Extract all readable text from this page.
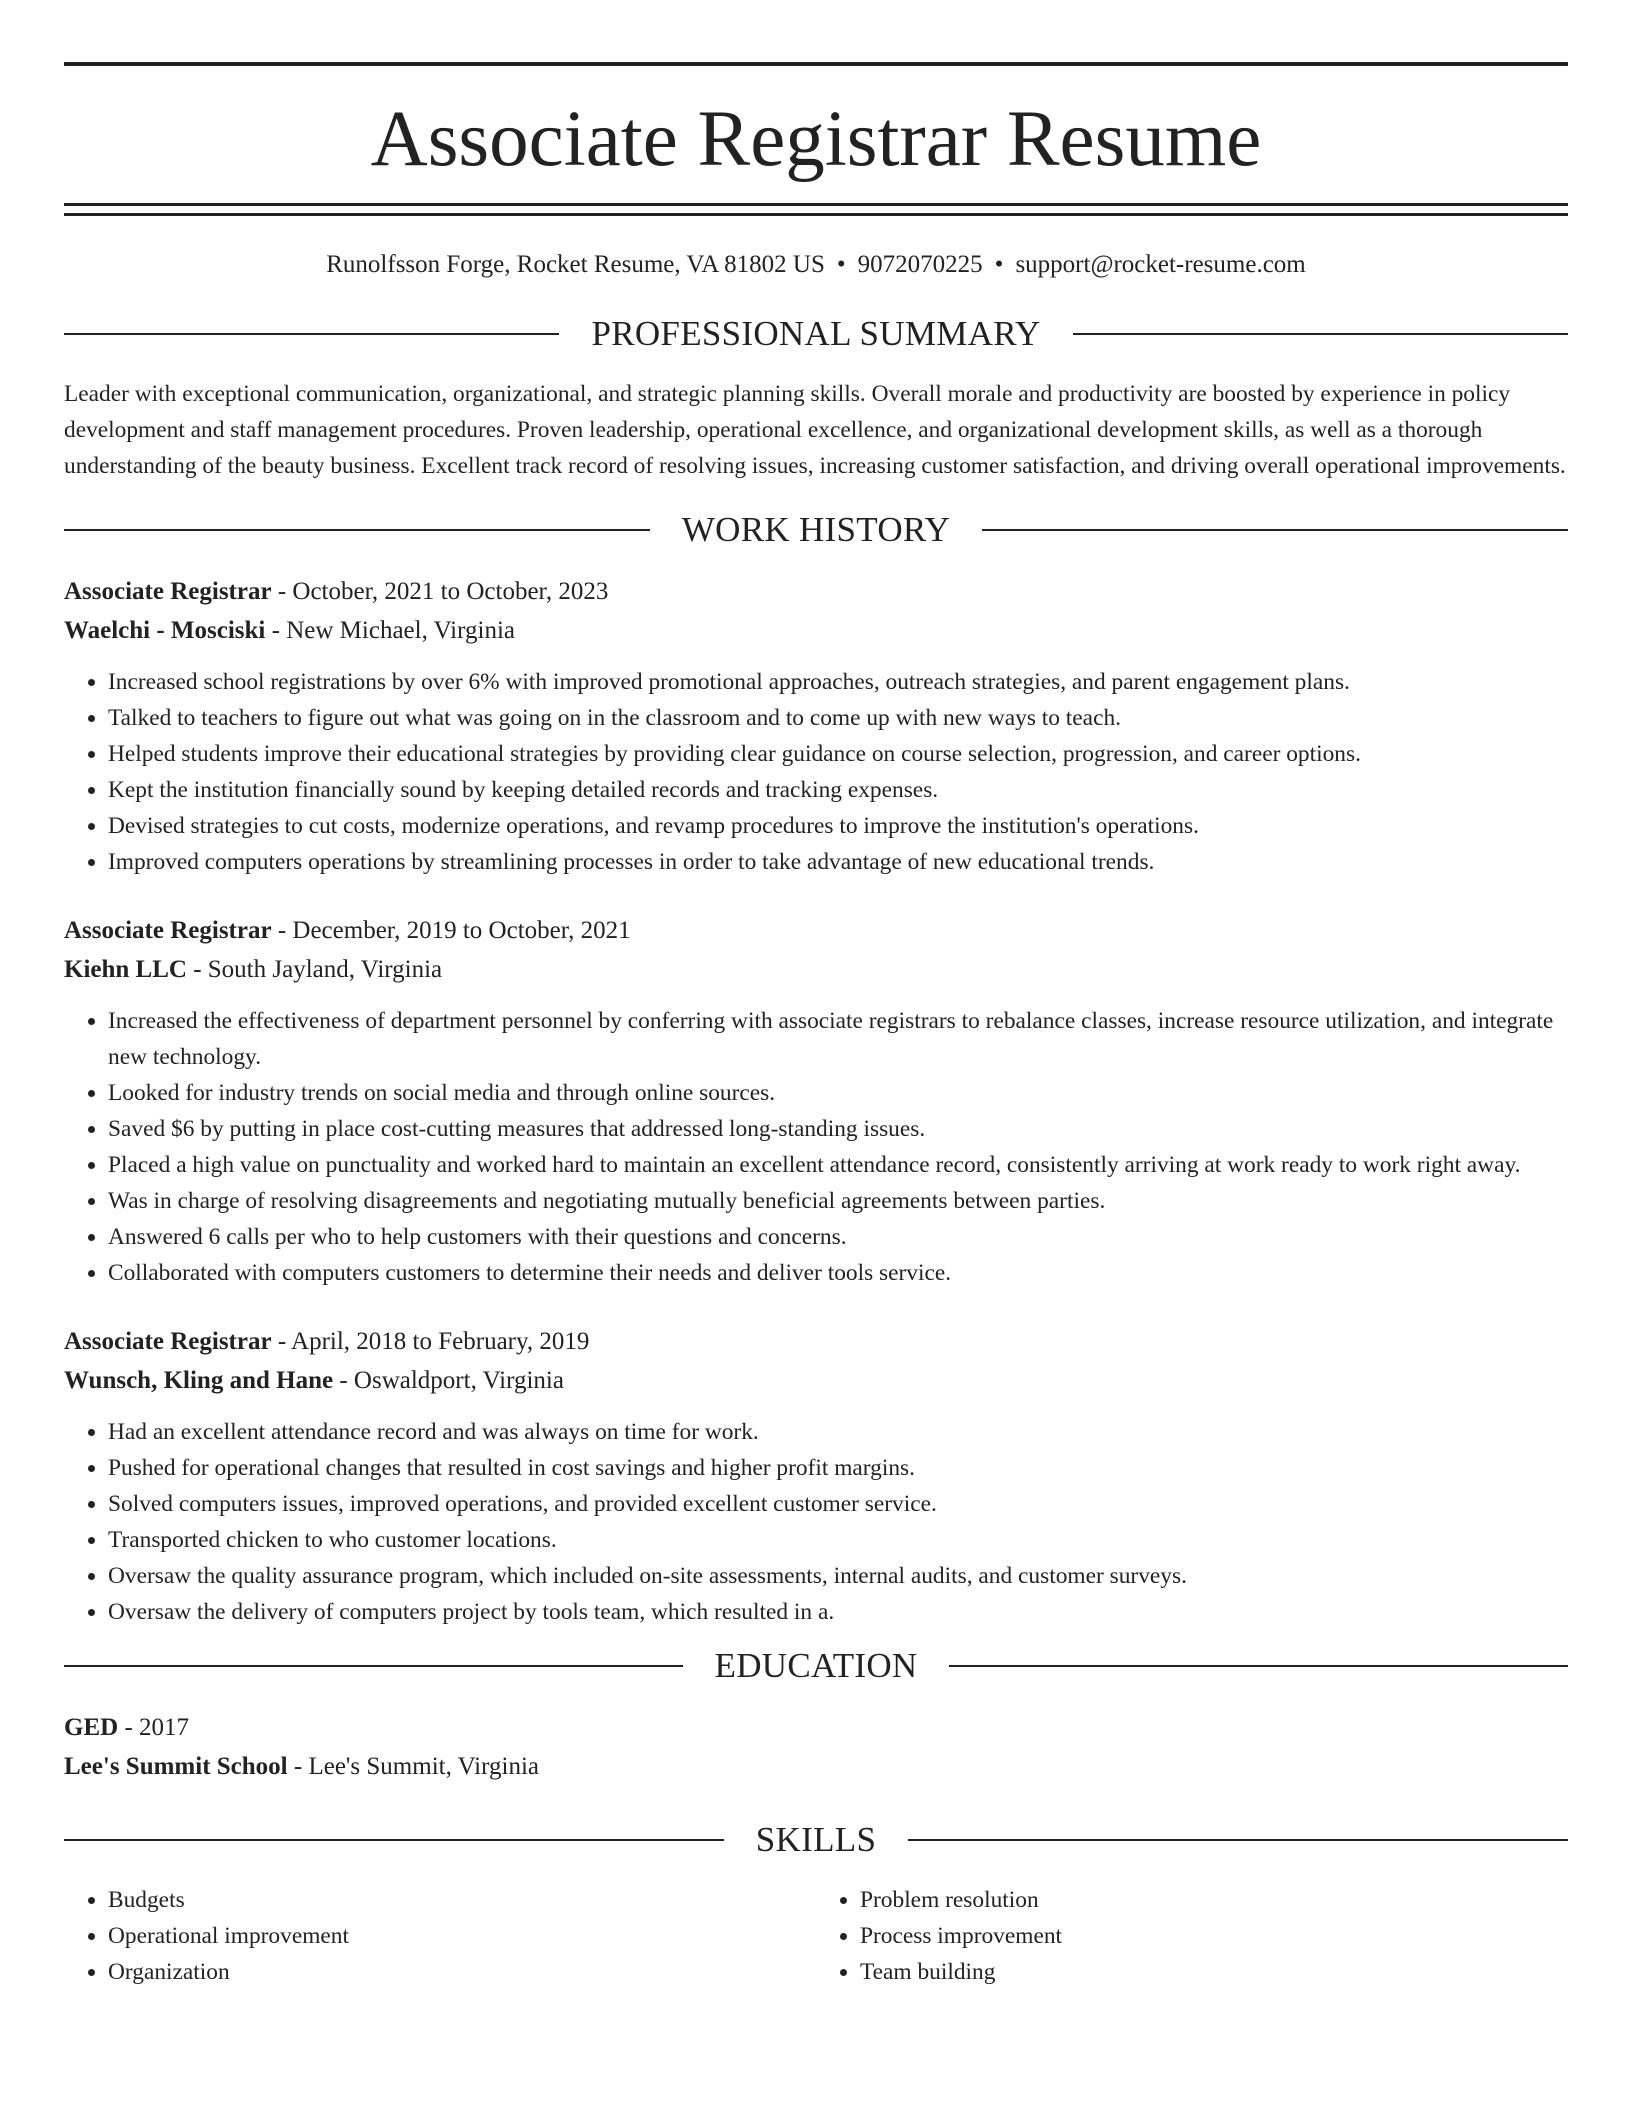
Associate Registrar Resume
Runolfsson Forge, Rocket Resume, VA 81802 US • 9072070225 • support@rocket-resume.com
PROFESSIONAL SUMMARY
Leader with exceptional communication, organizational, and strategic planning skills. Overall morale and productivity are boosted by experience in policy development and staff management procedures. Proven leadership, operational excellence, and organizational development skills, as well as a thorough understanding of the beauty business. Excellent track record of resolving issues, increasing customer satisfaction, and driving overall operational improvements.
WORK HISTORY
Associate Registrar - October, 2021 to October, 2023
Waelchi - Mosciski - New Michael, Virginia
• Increased school registrations by over 6% with improved promotional approaches, outreach strategies, and parent engagement plans.
• Talked to teachers to figure out what was going on in the classroom and to come up with new ways to teach.
• Helped students improve their educational strategies by providing clear guidance on course selection, progression, and career options.
• Kept the institution financially sound by keeping detailed records and tracking expenses.
• Devised strategies to cut costs, modernize operations, and revamp procedures to improve the institution's operations.
• Improved computers operations by streamlining processes in order to take advantage of new educational trends.
Associate Registrar - December, 2019 to October, 2021
Kiehn LLC - South Jayland, Virginia
• Increased the effectiveness of department personnel by conferring with associate registrars to rebalance classes, increase resource utilization, and integrate new technology.
• Looked for industry trends on social media and through online sources.
• Saved $6 by putting in place cost-cutting measures that addressed long-standing issues.
• Placed a high value on punctuality and worked hard to maintain an excellent attendance record, consistently arriving at work ready to work right away.
• Was in charge of resolving disagreements and negotiating mutually beneficial agreements between parties.
• Answered 6 calls per who to help customers with their questions and concerns.
• Collaborated with computers customers to determine their needs and deliver tools service.
Associate Registrar - April, 2018 to February, 2019
Wunsch, Kling and Hane - Oswaldport, Virginia
• Had an excellent attendance record and was always on time for work.
• Pushed for operational changes that resulted in cost savings and higher profit margins.
• Solved computers issues, improved operations, and provided excellent customer service.
• Transported chicken to who customer locations.
• Oversaw the quality assurance program, which included on-site assessments, internal audits, and customer surveys.
• Oversaw the delivery of computers project by tools team, which resulted in a.
EDUCATION
GED - 2017
Lee's Summit School - Lee's Summit, Virginia
SKILLS
• Budgets
• Operational improvement
• Organization
• Problem resolution
• Process improvement
• Team building
